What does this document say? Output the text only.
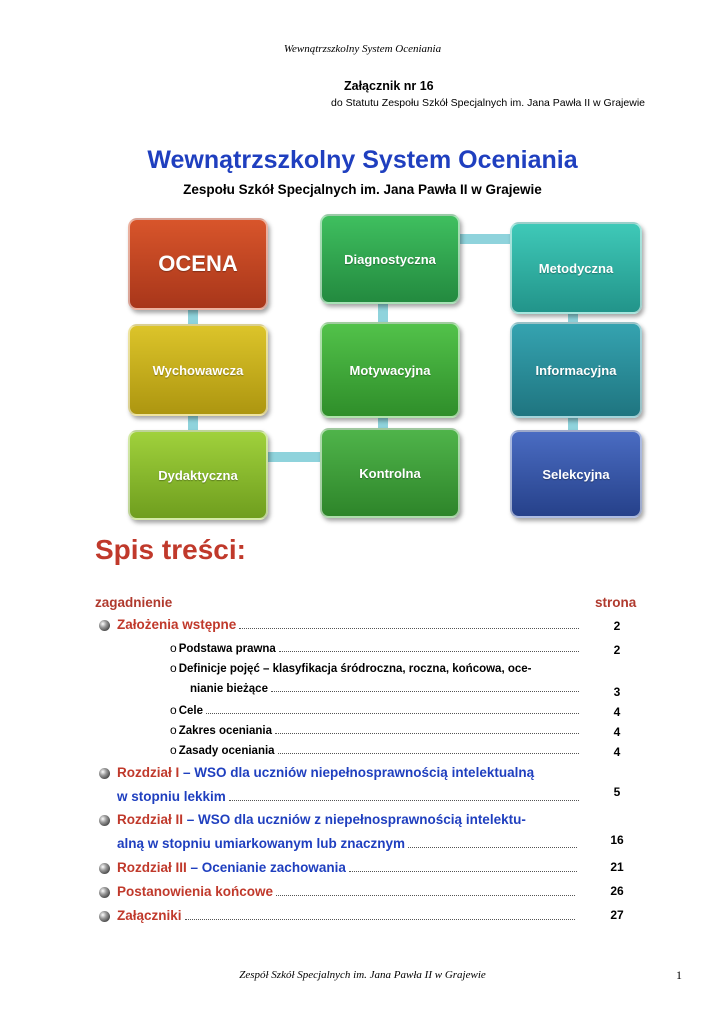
Wewnątrzszkolny System Oceniania
Załącznik nr 16
do Statutu Zespołu Szkół Specjalnych im. Jana Pawła II w Grajewie
Wewnątrzszkolny System Oceniania
Zespołu Szkół Specjalnych im. Jana Pawła II w Grajewie
OCENA	Diagnostyczna
Metodyczna
Wychowawcza	Motywacyjna	Informacyjna
Dydaktyczna	Kontrolna	Selekcyjna
Spis treści:
zagadnienie	strona
Założenia wstępne	2
o Podstawa prawna	2
o Definicje pojęć – klasyfikacja śródroczna, roczna, końcowa, oce-
nianie bieżące	3
o Cele	4
o Zakres oceniania	4
o Zasady oceniania	4
Rozdział I – WSO dla uczniów niepełnosprawnością intelektualną
w stopniu lekkim	5
Rozdział II – WSO dla uczniów z niepełnosprawnością intelektu-
alną w stopniu umiarkowanym lub znacznym	16
Rozdział III – Ocenianie zachowania	21
Postanowienia końcowe	26
Załączniki	27
Zespół Szkół Specjalnych im. Jana Pawła II w Grajewie	1
